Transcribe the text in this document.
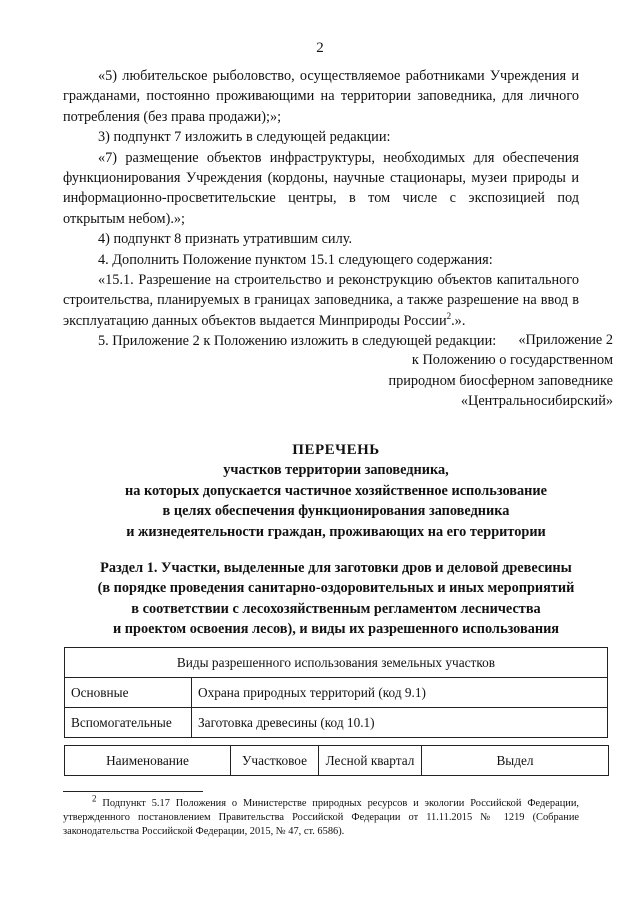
2

«5) любительское рыболовство, осуществляемое работниками Учреждения и гражданами, постоянно проживающими на территории заповедника, для личного потребления (без права продажи);»;

3) подпункт 7 изложить в следующей редакции:

«7) размещение объектов инфраструктуры, необходимых для обеспечения функционирования Учреждения (кордоны, научные стационары, музеи природы и информационно-просветительские центры, в том числе с экспозицией под открытым небом).»;

4) подпункт 8 признать утратившим силу.

4. Дополнить Положение пунктом 15.1 следующего содержания:

«15.1. Разрешение на строительство и реконструкцию объектов капитального строительства, планируемых в границах заповедника, а также разрешение на ввод в эксплуатацию данных объектов выдается Минприроды России$^2$.».

5. Приложение 2 к Положению изложить в следующей редакции:	«Приложение 2
к Положению о государственном
природном биосферном заповеднике
«Центральносибирский»
ПЕРЕЧЕНЬ
участков территории заповедника,
на которых допускается частичное хозяйственное использование
в целях обеспечения функционирования заповедника
и жизнедеятельности граждан, проживающих на его территории
Раздел 1. Участки, выделенные для заготовки дров и деловой древесины
(в порядке проведения санитарно-оздоровительных и иных мероприятий
в соответствии с лесохозяйственным регламентом лесничества
и проектом освоения лесов), и виды их разрешенного использования
Виды разрешенного использования земельных участков	
Основные	Охрана природных территорий (код 9.1)
Вспомогательные	Заготовка древесины (код 10.1)
Наименование	Участковое	Лесной квартал	Выдел

$^2$ Подпункт 5.17 Положения о Министерстве природных ресурсов и экологии Российской Федерации, утвержденного постановлением Правительства Российской Федерации от 11.11.2015 № 1219 (Собрание законодательства Российской Федерации, 2015, № 47, ст. 6586).
